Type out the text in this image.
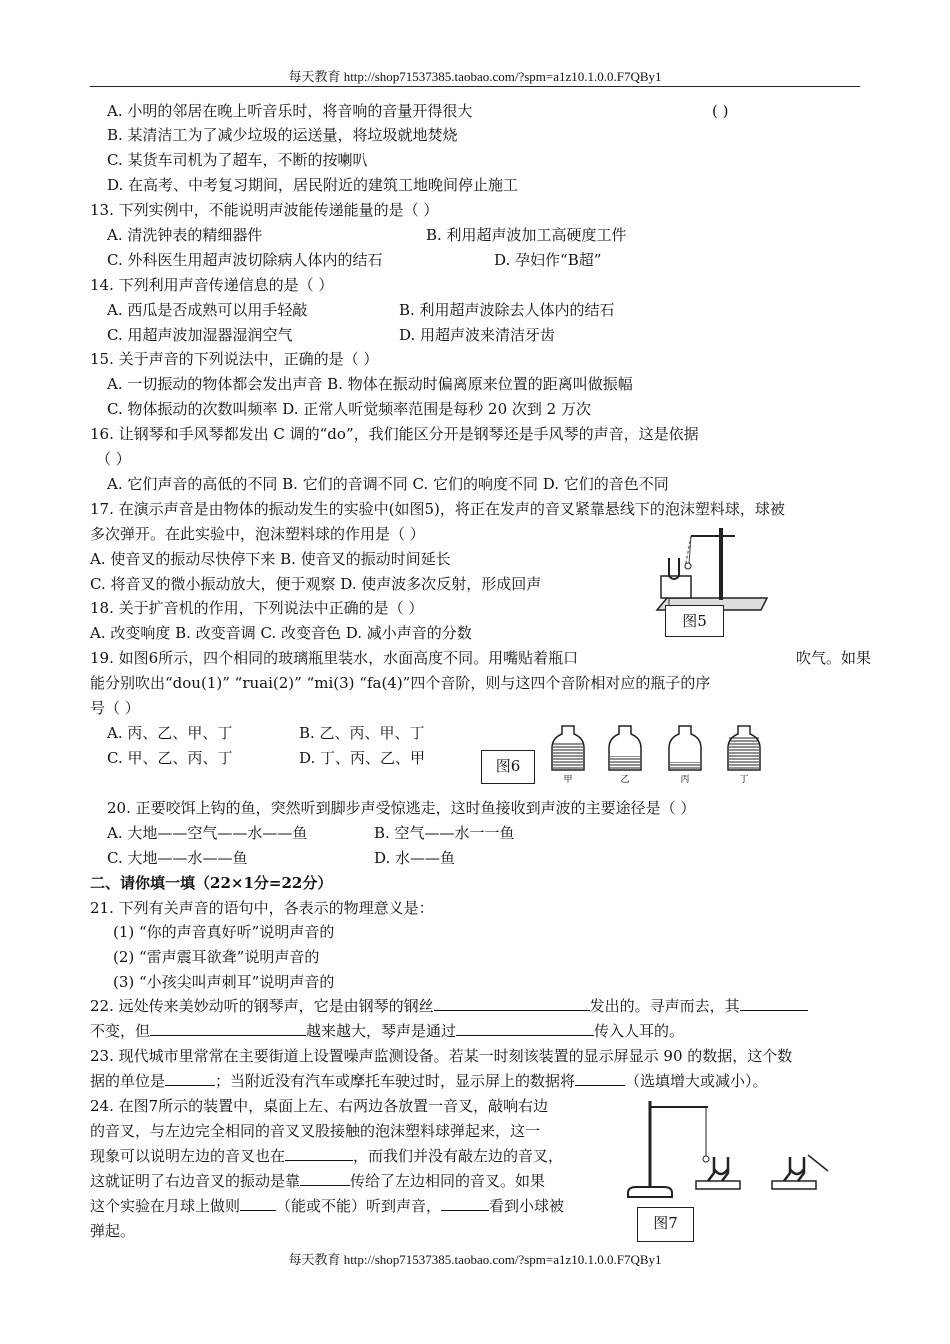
每天教育 http://shop71537385.taobao.com/?spm=a1z10.1.0.0.F7QBy1
A. 小明的邻居在晚上听音乐时，将音响的音量开得很大	( )
B. 某清洁工为了减少垃圾的运送量，将垃圾就地焚烧
C. 某货车司机为了超车，不断的按喇叭
D. 在高考、中考复习期间，居民附近的建筑工地晚间停止施工
13. 下列实例中，不能说明声波能传递能量的是（ ）
A. 清洗钟表的精细器件	B. 利用超声波加工高硬度工件
C. 外科医生用超声波切除病人体内的结石	D. 孕妇作“B超”
14. 下列利用声音传递信息的是（ ）
A. 西瓜是否成熟可以用手轻敲	B. 利用超声波除去人体内的结石
C. 用超声波加湿器湿润空气	D. 用超声波来清洁牙齿
15. 关于声音的下列说法中，正确的是（ ）
A. 一切振动的物体都会发出声音 B. 物体在振动时偏离原来位置的距离叫做振幅
C. 物体振动的次数叫频率 D. 正常人听觉频率范围是每秒 20 次到 2 万次
16. 让钢琴和手风琴都发出 C 调的“do”，我们能区分开是钢琴还是手风琴的声音，这是依据
（ ）
A. 它们声音的高低的不同 B. 它们的音调不同 C. 它们的响度不同 D. 它们的音色不同
17. 在演示声音是由物体的振动发生的实验中(如图5)，将正在发声的音叉紧靠悬线下的泡沫塑料球，球被
多次弹开。在此实验中，泡沫塑料球的作用是（ ）
A. 使音叉的振动尽快停下来 B. 使音叉的振动时间延长
C. 将音叉的微小振动放大，便于观察 D. 使声波多次反射，形成回声
图5
18. 关于扩音机的作用，下列说法中正确的是（ ）
A. 改变响度 B. 改变音调 C. 改变音色 D. 减小声音的分数
19. 如图6所示，四个相同的玻璃瓶里装水，水面高度不同。用嘴贴着瓶口	吹气。如果
能分别吹出“dou(1)” “ruai(2)” “mi(3) “fa(4)”四个音阶，则与这四个音阶相对应的瓶子的序
号（ ）
A. 丙、乙、甲、丁	B. 乙、丙、甲、丁
C. 甲、乙、丙、丁	D. 丁、丙、乙、甲	图6
甲	乙	丙	丁
20. 正要咬饵上钩的鱼，突然听到脚步声受惊逃走，这时鱼接收到声波的主要途径是（ ）
A. 大地——空气——水——鱼	B. 空气——水一一鱼
C. 大地——水——鱼	D. 水——鱼
二、请你填一填（22×1分=22分）
21. 下列有关声音的语句中，各表示的物理意义是：
(1) “你的声音真好听”说明声音的
(2) “雷声震耳欲聋”说明声音的
(3) “小孩尖叫声刺耳”说明声音的
22. 远处传来美妙动听的钢琴声，它是由钢琴的钢丝	发出的。寻声而去，其
不变，但	越来越大，琴声是通过	传入人耳的。
23. 现代城市里常常在主要街道上设置噪声监测设备。若某一时刻该装置的显示屏显示 90 的数据，这个数
据的单位是	；当附近没有汽车或摩托车驶过时，显示屏上的数据将	（选填增大或减小）。
24. 在图7所示的装置中，桌面上左、右两边各放置一音叉，敲响右边
的音叉，与左边完全相同的音叉叉股接触的泡沫塑料球弹起来，这一
现象可以说明左边的音叉也在	，而我们并没有敲左边的音叉，
这就证明了右边音叉的振动是靠	传给了左边相同的音叉。如果
这个实验在月球上做则 （能或不能）听到声音，	看到小球被
弹起。	图7
每天教育 http://shop71537385.taobao.com/?spm=a1z10.1.0.0.F7QBy1
